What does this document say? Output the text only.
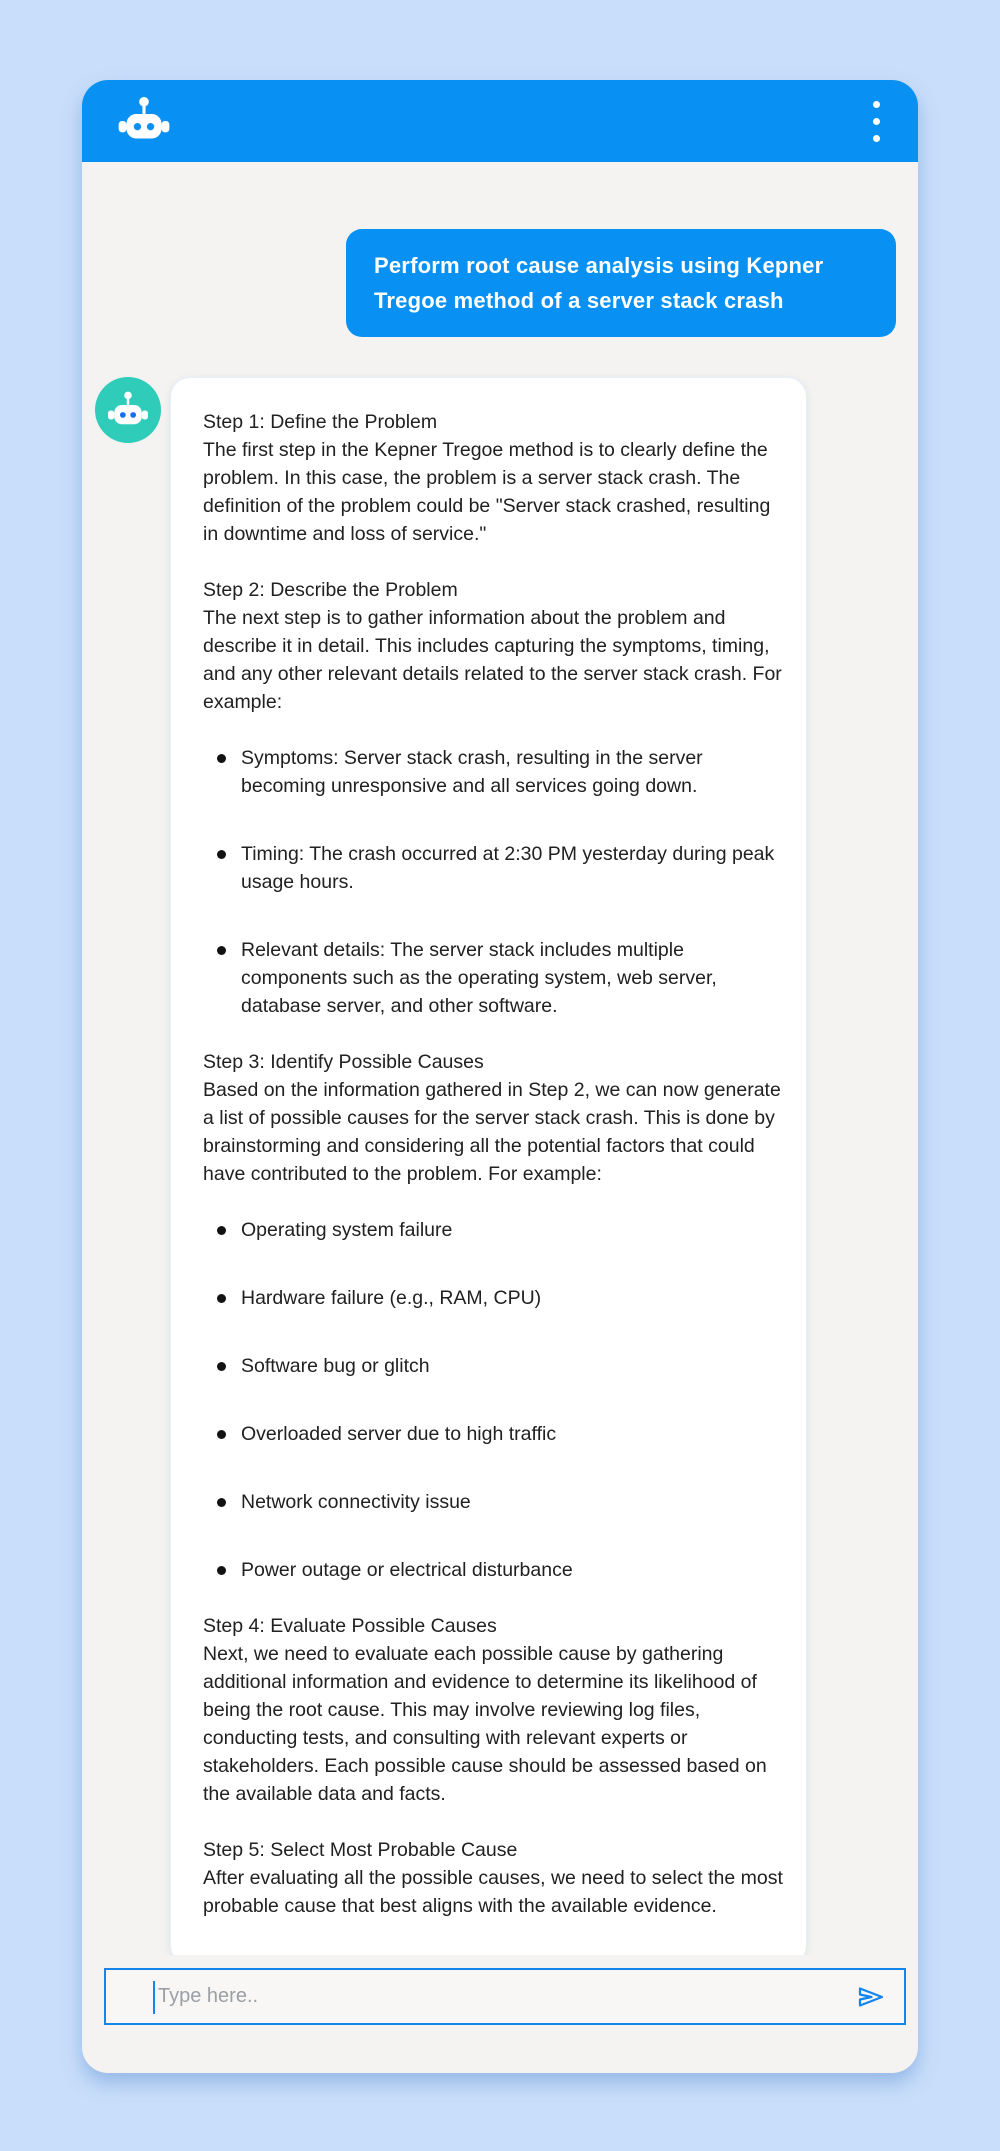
Perform root cause analysis using Kepner Tregoe method of a server stack crash
Step 1: Define the Problem
The first step in the Kepner Tregoe method is to clearly define the problem. In this case, the problem is a server stack crash. The definition of the problem could be "Server stack crashed, resulting in downtime and loss of service."
Step 2: Describe the Problem
The next step is to gather information about the problem and describe it in detail. This includes capturing the symptoms, timing, and any other relevant details related to the server stack crash. For example:
Symptoms: Server stack crash, resulting in the server becoming unresponsive and all services going down.
Timing: The crash occurred at 2:30 PM yesterday during peak usage hours.
Relevant details: The server stack includes multiple components such as the operating system, web server, database server, and other software.
Step 3: Identify Possible Causes
Based on the information gathered in Step 2, we can now generate a list of possible causes for the server stack crash. This is done by brainstorming and considering all the potential factors that could have contributed to the problem. For example:
Operating system failure
Hardware failure (e.g., RAM, CPU)
Software bug or glitch
Overloaded server due to high traffic
Network connectivity issue
Power outage or electrical disturbance
Step 4: Evaluate Possible Causes
Next, we need to evaluate each possible cause by gathering additional information and evidence to determine its likelihood of being the root cause. This may involve reviewing log files, conducting tests, and consulting with relevant experts or stakeholders. Each possible cause should be assessed based on the available data and facts.
Step 5: Select Most Probable Cause
After evaluating all the possible causes, we need to select the most probable cause that best aligns with the available evidence.
Type here..
